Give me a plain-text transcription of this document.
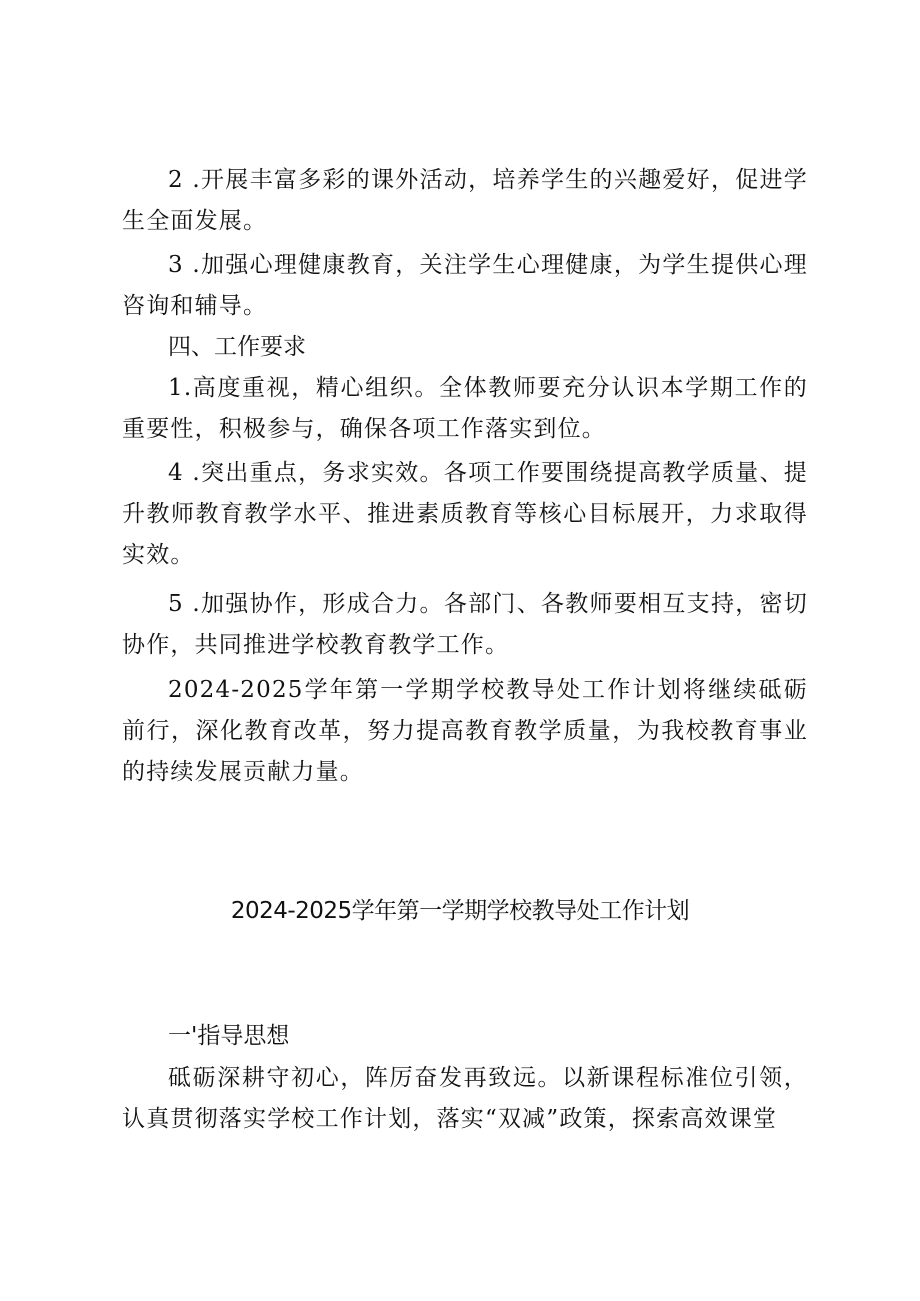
2 .开展丰富多彩的课外活动，培养学生的兴趣爱好，促进学生全面发展。

3 .加强心理健康教育，关注学生心理健康，为学生提供心理咨询和辅导。

四、工作要求

1.高度重视，精心组织。全体教师要充分认识本学期工作的重要性，积极参与，确保各项工作落实到位。

4 .突出重点，务求实效。各项工作要围绕提高教学质量、提升教师教育教学水平、推进素质教育等核心目标展开，力求取得实效。

5 .加强协作，形成合力。各部门、各教师要相互支持，密切协作，共同推进学校教育教学工作。

2024-2025学年第一学期学校教导处工作计划将继续砥砺前行，深化教育改革，努力提高教育教学质量，为我校教育事业的持续发展贡献力量。

2024-2025学年第一学期学校教导处工作计划

一'指导思想

砥砺深耕守初心，阵厉奋发再致远。以新课程标准位引领，认真贯彻落实学校工作计划，落实“双减”政策，探索高效课堂
